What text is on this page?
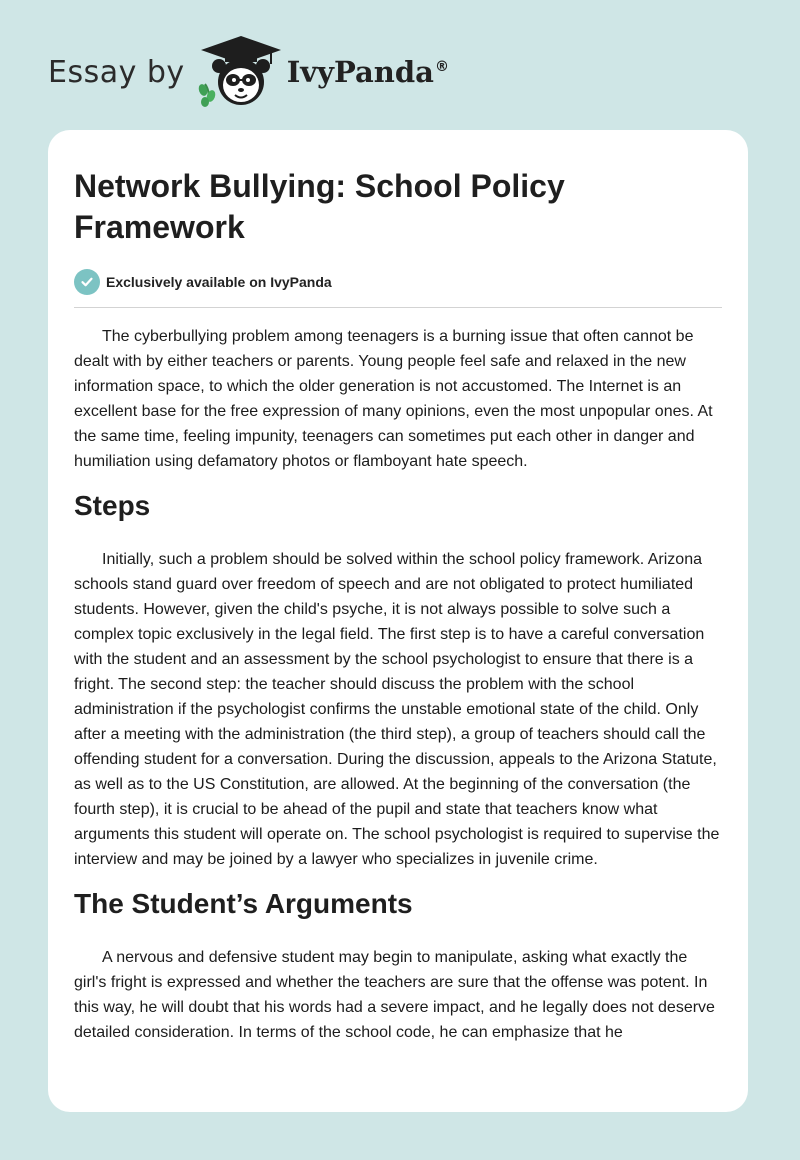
Essay by	IvyPanda®
Network Bullying: School Policy Framework
Exclusively available on IvyPanda

The cyberbullying problem among teenagers is a burning issue that often cannot be dealt with by either teachers or parents. Young people feel safe and relaxed in the new information space, to which the older generation is not accustomed. The Internet is an excellent base for the free expression of many opinions, even the most unpopular ones. At the same time, feeling impunity, teenagers can sometimes put each other in danger and humiliation using defamatory photos or flamboyant hate speech.

Steps

Initially, such a problem should be solved within the school policy framework. Arizona schools stand guard over freedom of speech and are not obligated to protect humiliated students. However, given the child's psyche, it is not always possible to solve such a complex topic exclusively in the legal field. The first step is to have a careful conversation with the student and an assessment by the school psychologist to ensure that there is a fright. The second step: the teacher should discuss the problem with the school administration if the psychologist confirms the unstable emotional state of the child. Only after a meeting with the administration (the third step), a group of teachers should call the offending student for a conversation. During the discussion, appeals to the Arizona Statute, as well as to the US Constitution, are allowed. At the beginning of the conversation (the fourth step), it is crucial to be ahead of the pupil and state that teachers know what arguments this student will operate on. The school psychologist is required to supervise the interview and may be joined by a lawyer who specializes in juvenile crime.

The Student’s Arguments

A nervous and defensive student may begin to manipulate, asking what exactly the girl's fright is expressed and whether the teachers are sure that the offense was potent. In this way, he will doubt that his words had a severe impact, and he legally does not deserve detailed consideration. In terms of the school code, he can emphasize that he
